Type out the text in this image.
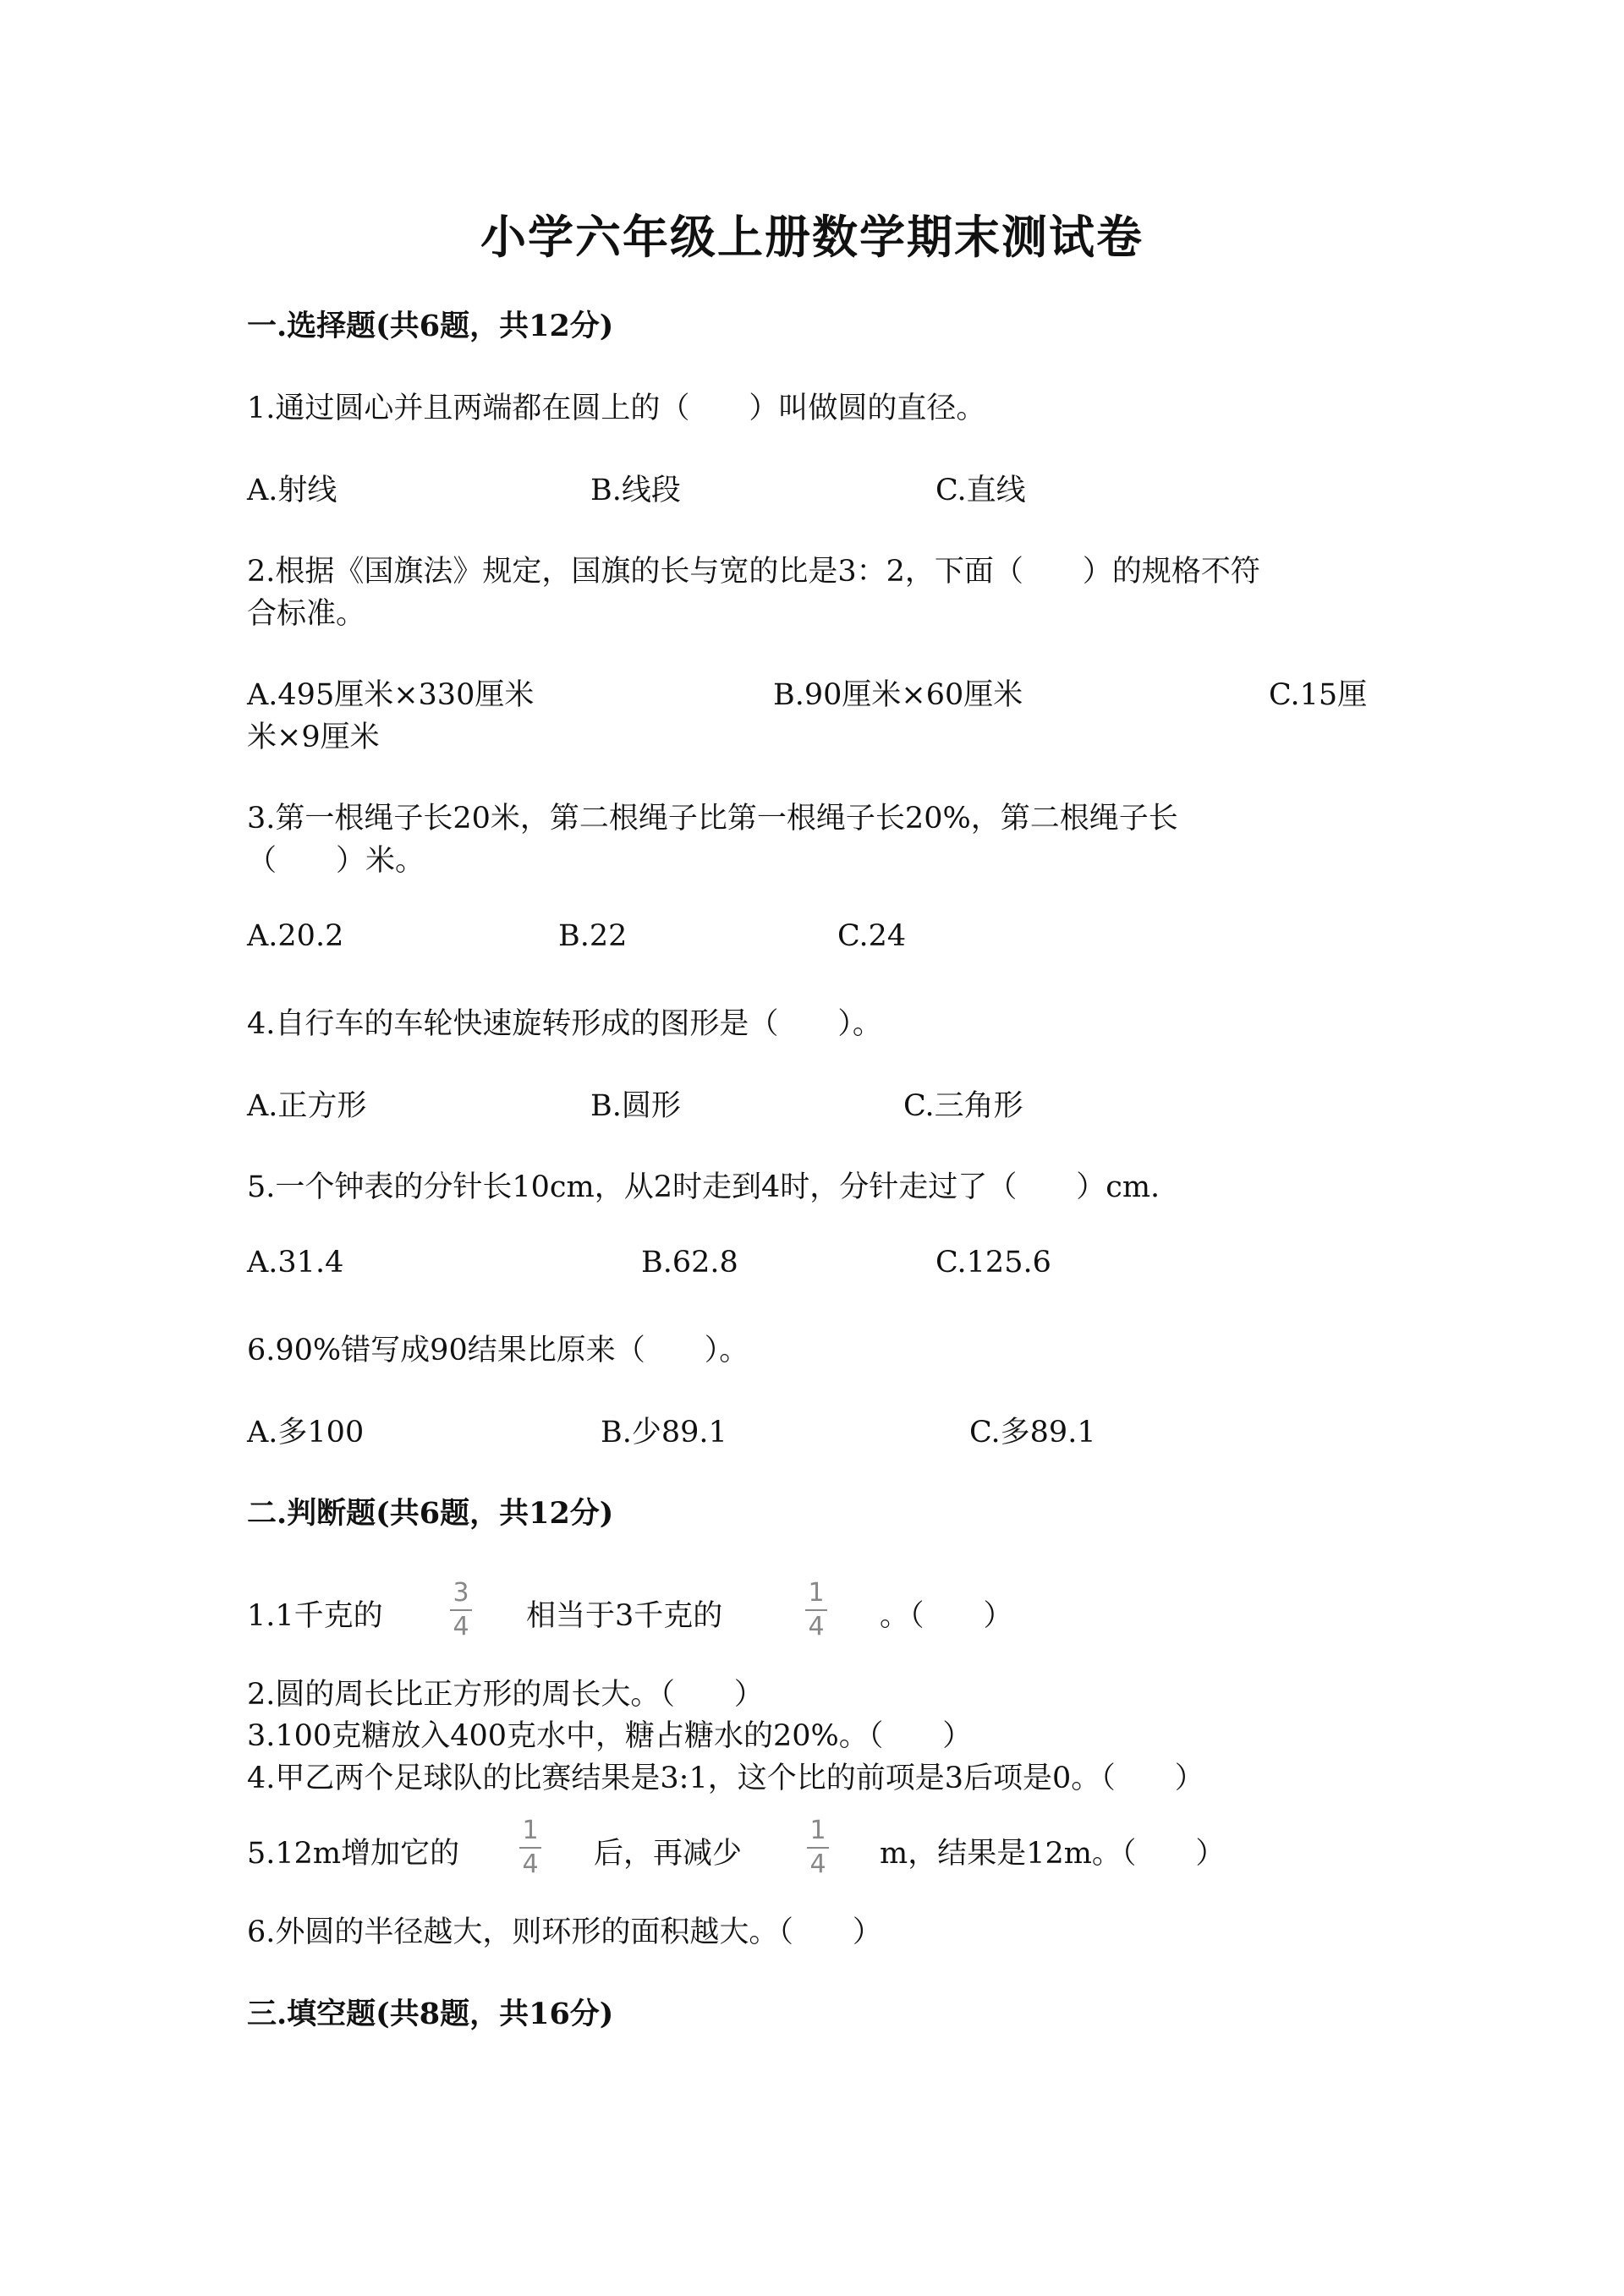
小学六年级上册数学期末测试卷
一.选择题(共6题，共12分)
1.通过圆心并且两端都在圆上的（　　）叫做圆的直径。
A.射线	B.线段	C.直线
2.根据《国旗法》规定，国旗的长与宽的比是3：2，下面（　　）的规格不符
合标准。
A.495厘米×330厘米	B.90厘米×60厘米	C.15厘
米×9厘米
3.第一根绳子长20米，第二根绳子比第一根绳子长20%，第二根绳子长
（　　）米。
A.20.2	B.22	C.24
4.自行车的车轮快速旋转形成的图形是（　　）。
A.正方形	B.圆形	C.三角形
5.一个钟表的分针长10cm，从2时走到4时，分针走过了（　　）cm.
A.31.4	B.62.8	C.125.6
6.90%错写成90结果比原来（　　）。
A.多100	B.少89.1	C.多89.1
二.判断题(共6题，共12分)
1.1千克的
3
4 相当于3千克的
1
4 。（　　）
2.圆的周长比正方形的周长大。（　　）
3.100克糖放入400克水中，糖占糖水的20%。（　　）
4.甲乙两个足球队的比赛结果是3:1，这个比的前项是3后项是0。（　　）
5.12m增加它的
1
4 后，再减少
1
4 m，结果是12m。（　　）
6.外圆的半径越大，则环形的面积越大。（　　）
三.填空题(共8题，共16分)
